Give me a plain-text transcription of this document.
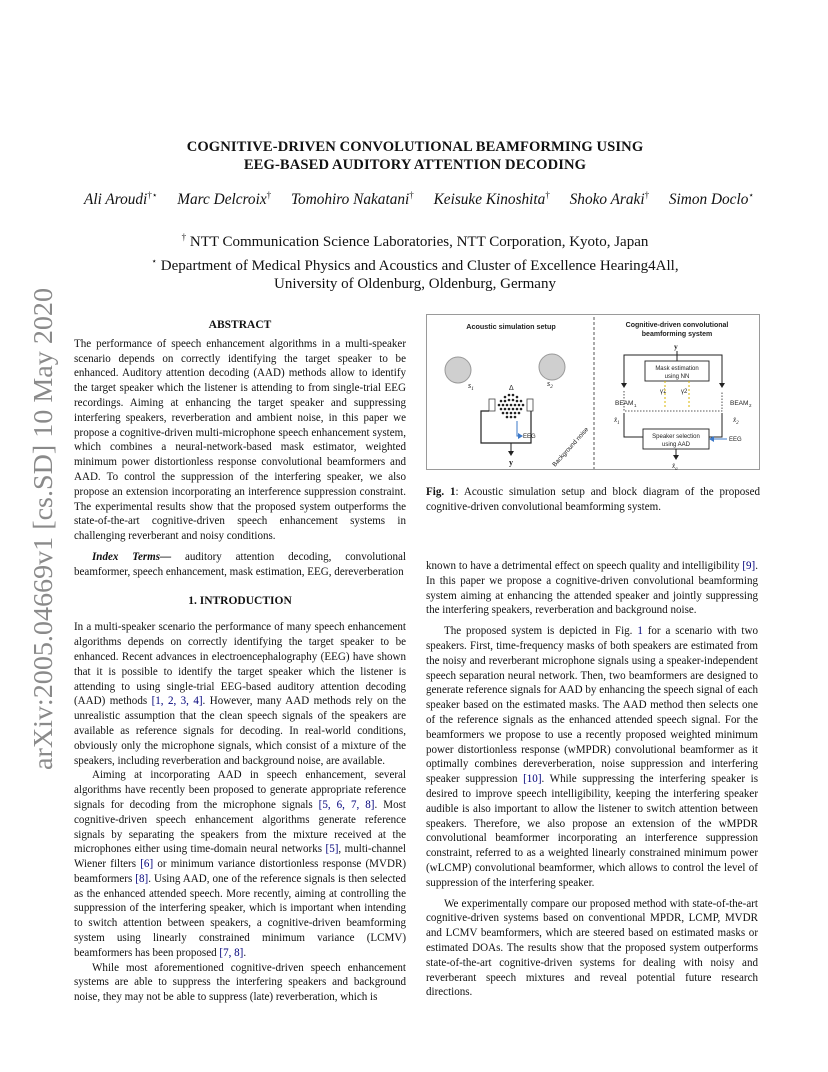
arXiv:2005.04669v1 [cs.SD] 10 May 2020
COGNITIVE-DRIVEN CONVOLUTIONAL BEAMFORMING USING
EEG-BASED AUDITORY ATTENTION DECODING
Ali Aroudi†⋆ Marc Delcroix† Tomohiro Nakatani† Keisuke Kinoshita† Shoko Araki† Simon Doclo⋆
† NTT Communication Science Laboratories, NTT Corporation, Kyoto, Japan
⋆ Department of Medical Physics and Acoustics and Cluster of Excellence Hearing4All,
University of Oldenburg, Oldenburg, Germany

ABSTRACT

The performance of speech enhancement algorithms in a multi-speaker scenario depends on correctly identifying the target speaker to be enhanced. Auditory attention decoding (AAD) methods allow to identify the target speaker which the listener is attending to from single-trial EEG recordings. Aiming at enhancing the target speaker and suppressing interfering speakers, reverberation and ambient noise, in this paper we propose a cognitive-driven multi-microphone speech enhancement system, which combines a neural-network-based mask estimator, weighted minimum power distortionless response convolutional beamformers and AAD. To control the suppression of the interfering speaker, we also propose an extension incorporating an interference suppression constraint. The experimental results show that the proposed system outperforms the state-of-the-art cognitive-driven speech enhancement systems in challenging reverberant and noisy conditions.

Index Terms— auditory attention decoding, convolutional beamformer, speech enhancement, mask estimation, EEG, dereverberation

1. INTRODUCTION

In a multi-speaker scenario the performance of many speech enhancement algorithms depends on correctly identifying the target speaker to be enhanced. Recent advances in electroencephalography (EEG) have shown that it is possible to identify the target speaker which the listener is attending to using single-trial EEG-based auditory attention decoding (AAD) methods [1, 2, 3, 4]. However, many AAD methods rely on the unrealistic assumption that the clean speech signals of the speakers are available as reference signals for decoding. In real-world conditions, obviously only the microphone signals, which consist of a mixture of the speakers, including reverberation and background noise, are available.

Aiming at incorporating AAD in speech enhancement, several algorithms have recently been proposed to generate appropriate reference signals for decoding from the microphone signals [5, 6, 7, 8]. Most cognitive-driven speech enhancement algorithms generate reference signals by separating the speakers from the mixture received at the microphones either using time-domain neural networks [5], multi-channel Wiener filters [6] or minimum variance distortionless response (MVDR) beamformers [8]. Using AAD, one of the reference signals is then selected as the enhanced attended speech. More recently, aiming at controlling the suppression of the interfering speaker, which is important when intending to switch attention between speakers, a cognitive-driven beamforming system using linearly constrained minimum variance (LCMV) beamformers has been proposed [7, 8].

While most aforementioned cognitive-driven speech enhancement systems are able to suppress the interfering speakers and background noise, they may not be able to suppress (late) reverberation, which is

Acoustic simulation setup
$s_1$
$s_2$
Δ
y
EEG Background noise
Cognitive-driven convolutional
beamforming system
y
Mask estimation
using NN
γ1 γ2
BEAM 1	BEAM 2
$x̂_1$	$x̂_2$
Speaker selection
using AAD
EEG
$x̂_a$
Fig. 1: Acoustic simulation setup and block diagram of the proposed cognitive-driven convolutional beamforming system.

known to have a detrimental effect on speech quality and intelligibility [9]. In this paper we propose a cognitive-driven convolutional beamforming system aiming at enhancing the attended speaker and jointly suppressing the interfering speakers, reverberation and background noise.

The proposed system is depicted in Fig. 1 for a scenario with two speakers. First, time-frequency masks of both speakers are estimated from the noisy and reverberant microphone signals using a speaker-independent speech separation neural network. Then, two beamformers are designed to generate reference signals for AAD by enhancing the speech signal of each speaker based on the estimated masks. The AAD method then selects one of the reference signals as the enhanced attended speech signal. For the beamformers we propose to use a recently proposed weighted minimum power distortionless response (wMPDR) convolutional beamformer as it optimally combines dereverberation, noise suppression and interfering speaker suppression [10]. While suppressing the interfering speaker is desired to improve speech intelligibility, keeping the interfering speaker audible is also important to allow the listener to switch attention between speakers. Therefore, we also propose an extension of the wMPDR convolutional beamformer incorporating an interference suppression constraint, referred to as a weighted linearly constrained minimum power (wLCMP) convolutional beamformer, which allows to control the level of suppression of the interfering speaker.

We experimentally compare our proposed method with state-of-the-art cognitive-driven systems based on conventional MPDR, LCMP, MVDR and LCMV beamformers, which are steered based on estimated masks or estimated DOAs. The results show that the proposed system outperforms state-of-the-art cognitive-driven systems for dealing with noisy and reverberant speech mixtures and reveal potential future research directions.
